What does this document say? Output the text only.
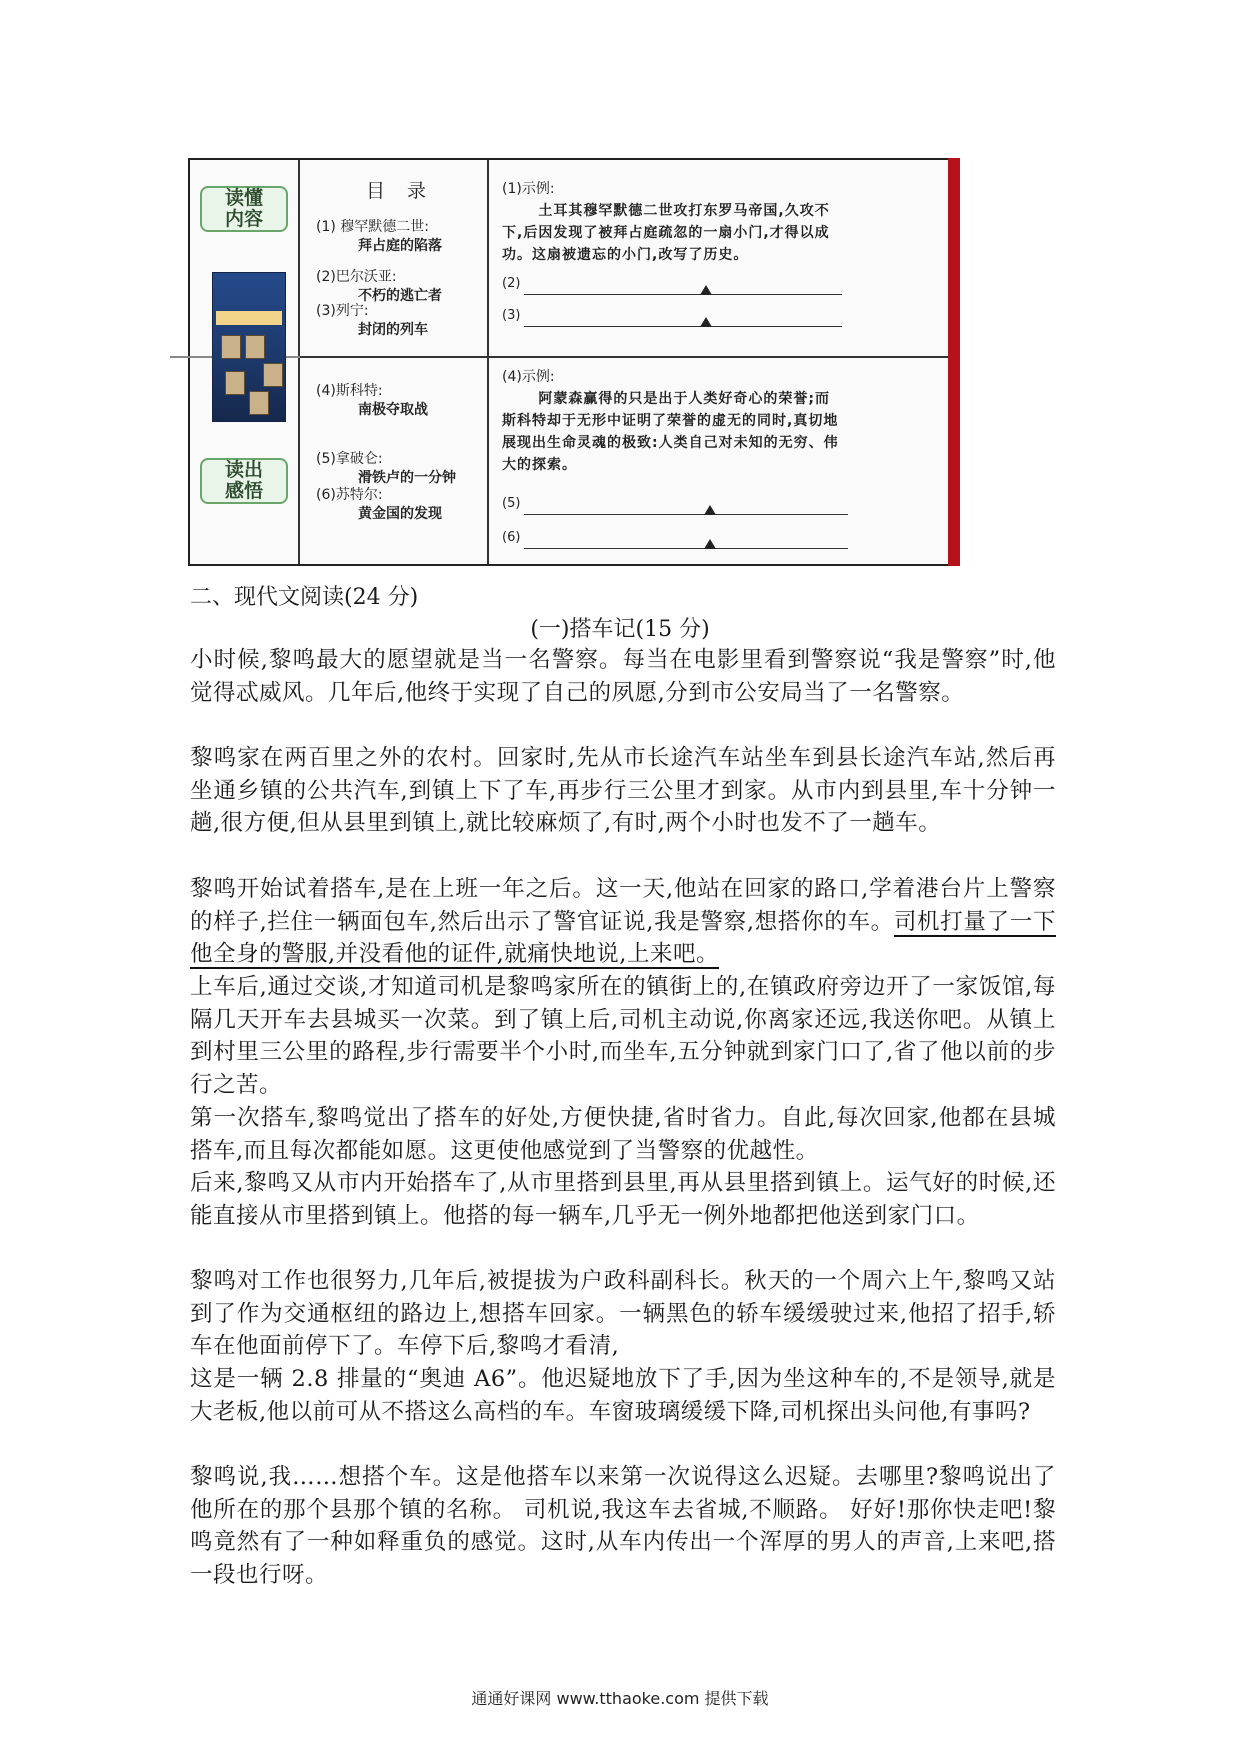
读懂
内容
读出
感悟
目 录
(1) 穆罕默德二世:
拜占庭的陷落
(2)巴尔沃亚:
不朽的逃亡者
(3)列宁:
封闭的列车
(4)斯科特:
南极夺取战
(5)拿破仑:
滑铁卢的一分钟
(6)苏特尔:
黄金国的发现
(1)示例:
土耳其穆罕默德二世攻打东罗马帝国,久攻不下,后因发现了被拜占庭疏忽的一扇小门,才得以成功。这扇被遗忘的小门,改写了历史。
(2)
(3)
(4)示例:
阿蒙森赢得的只是出于人类好奇心的荣誉;而斯科特却于无形中证明了荣誉的虚无的同时,真切地展现出生命灵魂的极致:人类自己对未知的无穷、伟大的探索。
(5)
(6)
二、现代文阅读(24 分)
(一)搭车记(15 分)

小时候,黎鸣最大的愿望就是当一名警察。每当在电影里看到警察说“我是警察”时,他觉得忒威风。几年后,他终于实现了自己的夙愿,分到市公安局当了一名警察。

黎鸣家在两百里之外的农村。回家时,先从市长途汽车站坐车到县长途汽车站,然后再坐通乡镇的公共汽车,到镇上下了车,再步行三公里才到家。从市内到县里,车十分钟一趟,很方便,但从县里到镇上,就比较麻烦了,有时,两个小时也发不了一趟车。

黎鸣开始试着搭车,是在上班一年之后。这一天,他站在回家的路口,学着港台片上警察的样子,拦住一辆面包车,然后出示了警官证说,我是警察,想搭你的车。司机打量了一下他全身的警服,并没看他的证件,就痛快地说,上来吧。

上车后,通过交谈,才知道司机是黎鸣家所在的镇街上的,在镇政府旁边开了一家饭馆,每隔几天开车去县城买一次菜。到了镇上后,司机主动说,你离家还远,我送你吧。从镇上到村里三公里的路程,步行需要半个小时,而坐车,五分钟就到家门口了,省了他以前的步行之苦。

第一次搭车,黎鸣觉出了搭车的好处,方便快捷,省时省力。自此,每次回家,他都在县城搭车,而且每次都能如愿。这更使他感觉到了当警察的优越性。

后来,黎鸣又从市内开始搭车了,从市里搭到县里,再从县里搭到镇上。运气好的时候,还能直接从市里搭到镇上。他搭的每一辆车,几乎无一例外地都把他送到家门口。

黎鸣对工作也很努力,几年后,被提拔为户政科副科长。秋天的一个周六上午,黎鸣又站到了作为交通枢纽的路边上,想搭车回家。一辆黑色的轿车缓缓驶过来,他招了招手,轿车在他面前停下了。车停下后,黎鸣才看清,

这是一辆 2.8 排量的“奥迪 A6”。他迟疑地放下了手,因为坐这种车的,不是领导,就是大老板,他以前可从不搭这么高档的车。车窗玻璃缓缓下降,司机探出头问他,有事吗?

黎鸣说,我……想搭个车。这是他搭车以来第一次说得这么迟疑。去哪里?黎鸣说出了他所在的那个县那个镇的名称。 司机说,我这车去省城,不顺路。 好好!那你快走吧!黎鸣竟然有了一种如释重负的感觉。这时,从车内传出一个浑厚的男人的声音,上来吧,搭一段也行呀。

通通好课网 www.tthaoke.com 提供下载
